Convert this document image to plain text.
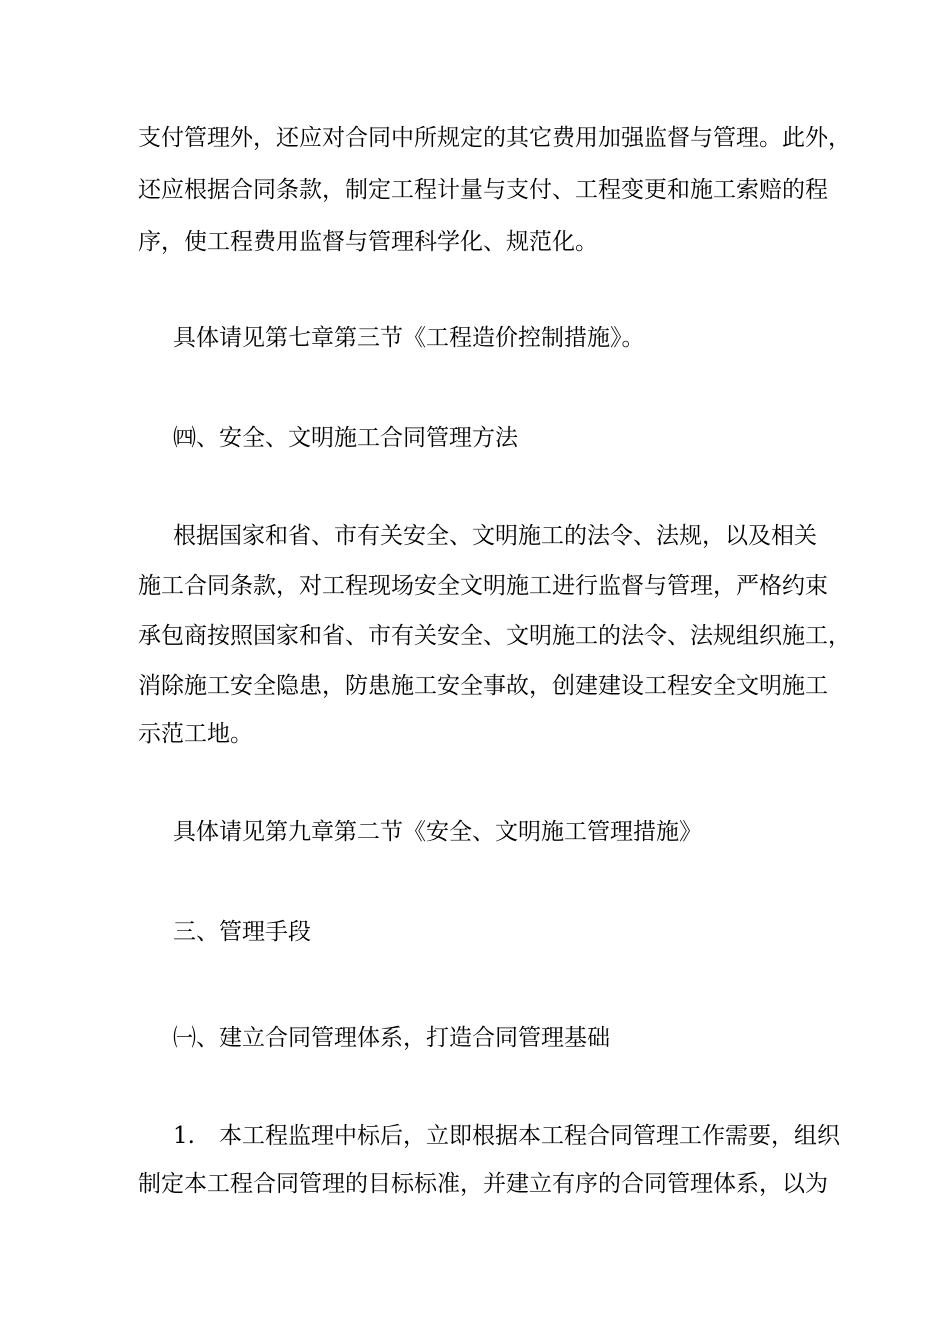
支付管理外，还应对合同中所规定的其它费用加强监督与管理。此外，
还应根据合同条款，制定工程计量与支付、工程变更和施工索赔的程
序，使工程费用监督与管理科学化、规范化。
具体请见第七章第三节《工程造价控制措施》。
㈣、安全、文明施工合同管理方法
根据国家和省、市有关安全、文明施工的法令、法规，以及相关
施工合同条款，对工程现场安全文明施工进行监督与管理，严格约束
承包商按照国家和省、市有关安全、文明施工的法令、法规组织施工，
消除施工安全隐患，防患施工安全事故，创建建设工程安全文明施工
示范工地。
具体请见第九章第二节《安全、文明施工管理措施》
三、管理手段
㈠、建立合同管理体系，打造合同管理基础
1. 本工程监理中标后，立即根据本工程合同管理工作需要，组织
制定本工程合同管理的目标标准，并建立有序的合同管理体系，以为
